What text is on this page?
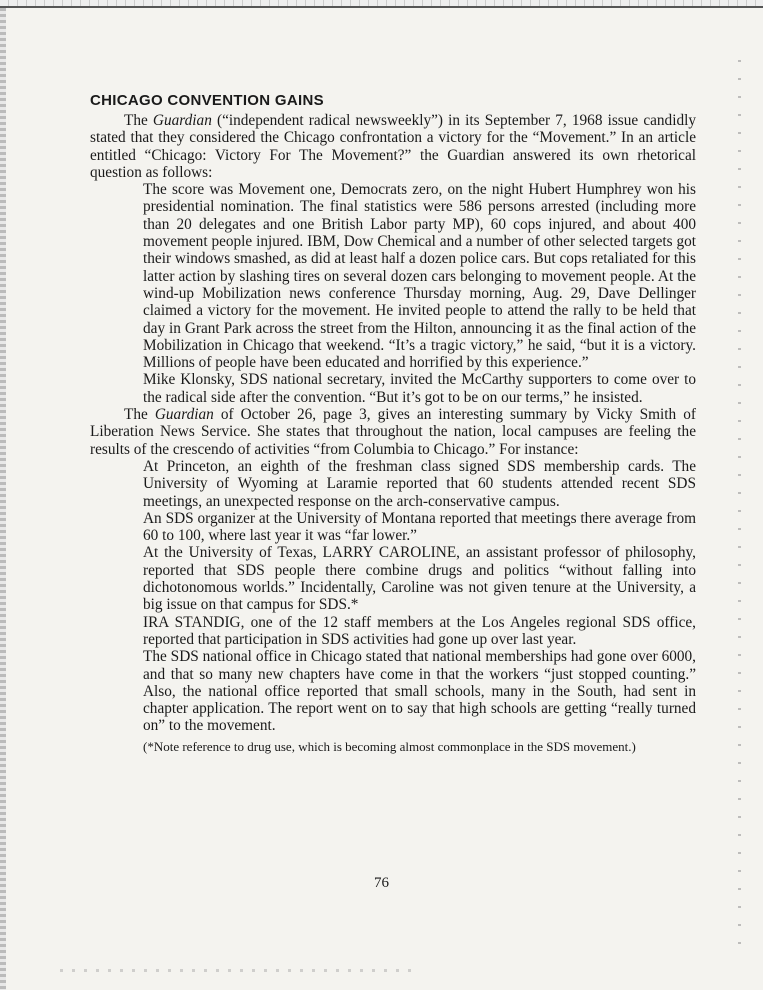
CHICAGO CONVENTION GAINS

The Guardian (“independent radical newsweekly”) in its September 7, 1968 issue candidly stated that they considered the Chicago confrontation a victory for the “Movement.” In an article entitled “Chicago: Victory For The Movement?” the Guardian answered its own rhetorical question as follows:

The score was Movement one, Democrats zero, on the night Hubert Humphrey won his presidential nomination. The final statistics were 586 persons arrested (including more than 20 delegates and one British Labor party MP), 60 cops injured, and about 400 movement people injured. IBM, Dow Chemical and a number of other selected targets got their windows smashed, as did at least half a dozen police cars. But cops retaliated for this latter action by slashing tires on several dozen cars belonging to movement people. At the wind-up Mobilization news conference Thursday morning, Aug. 29, Dave Dellinger claimed a victory for the movement. He invited people to attend the rally to be held that day in Grant Park across the street from the Hilton, announcing it as the final action of the Mobilization in Chicago that weekend. “It’s a tragic victory,” he said, “but it is a victory. Millions of people have been educated and horrified by this experience.”

Mike Klonsky, SDS national secretary, invited the McCarthy supporters to come over to the radical side after the convention. “But it’s got to be on our terms,” he insisted.

The Guardian of October 26, page 3, gives an interesting summary by Vicky Smith of Liberation News Service. She states that throughout the nation, local campuses are feeling the results of the crescendo of activities “from Columbia to Chicago.” For instance:

At Princeton, an eighth of the freshman class signed SDS membership cards. The University of Wyoming at Laramie reported that 60 students attended recent SDS meetings, an unexpected response on the arch-conservative campus.

An SDS organizer at the University of Montana reported that meetings there average from 60 to 100, where last year it was “far lower.”

At the University of Texas, LARRY CAROLINE, an assistant professor of philosophy, reported that SDS people there combine drugs and politics “without falling into dichotonomous worlds.” Incidentally, Caroline was not given tenure at the University, a big issue on that campus for SDS.*

IRA STANDIG, one of the 12 staff members at the Los Angeles regional SDS office, reported that participation in SDS activities had gone up over last year.

The SDS national office in Chicago stated that national memberships had gone over 6000, and that so many new chapters have come in that the workers “just stopped counting.” Also, the national office reported that small schools, many in the South, had sent in chapter application. The report went on to say that high schools are getting “really turned on” to the movement.

(*Note reference to drug use, which is becoming almost commonplace in the SDS movement.)

76
